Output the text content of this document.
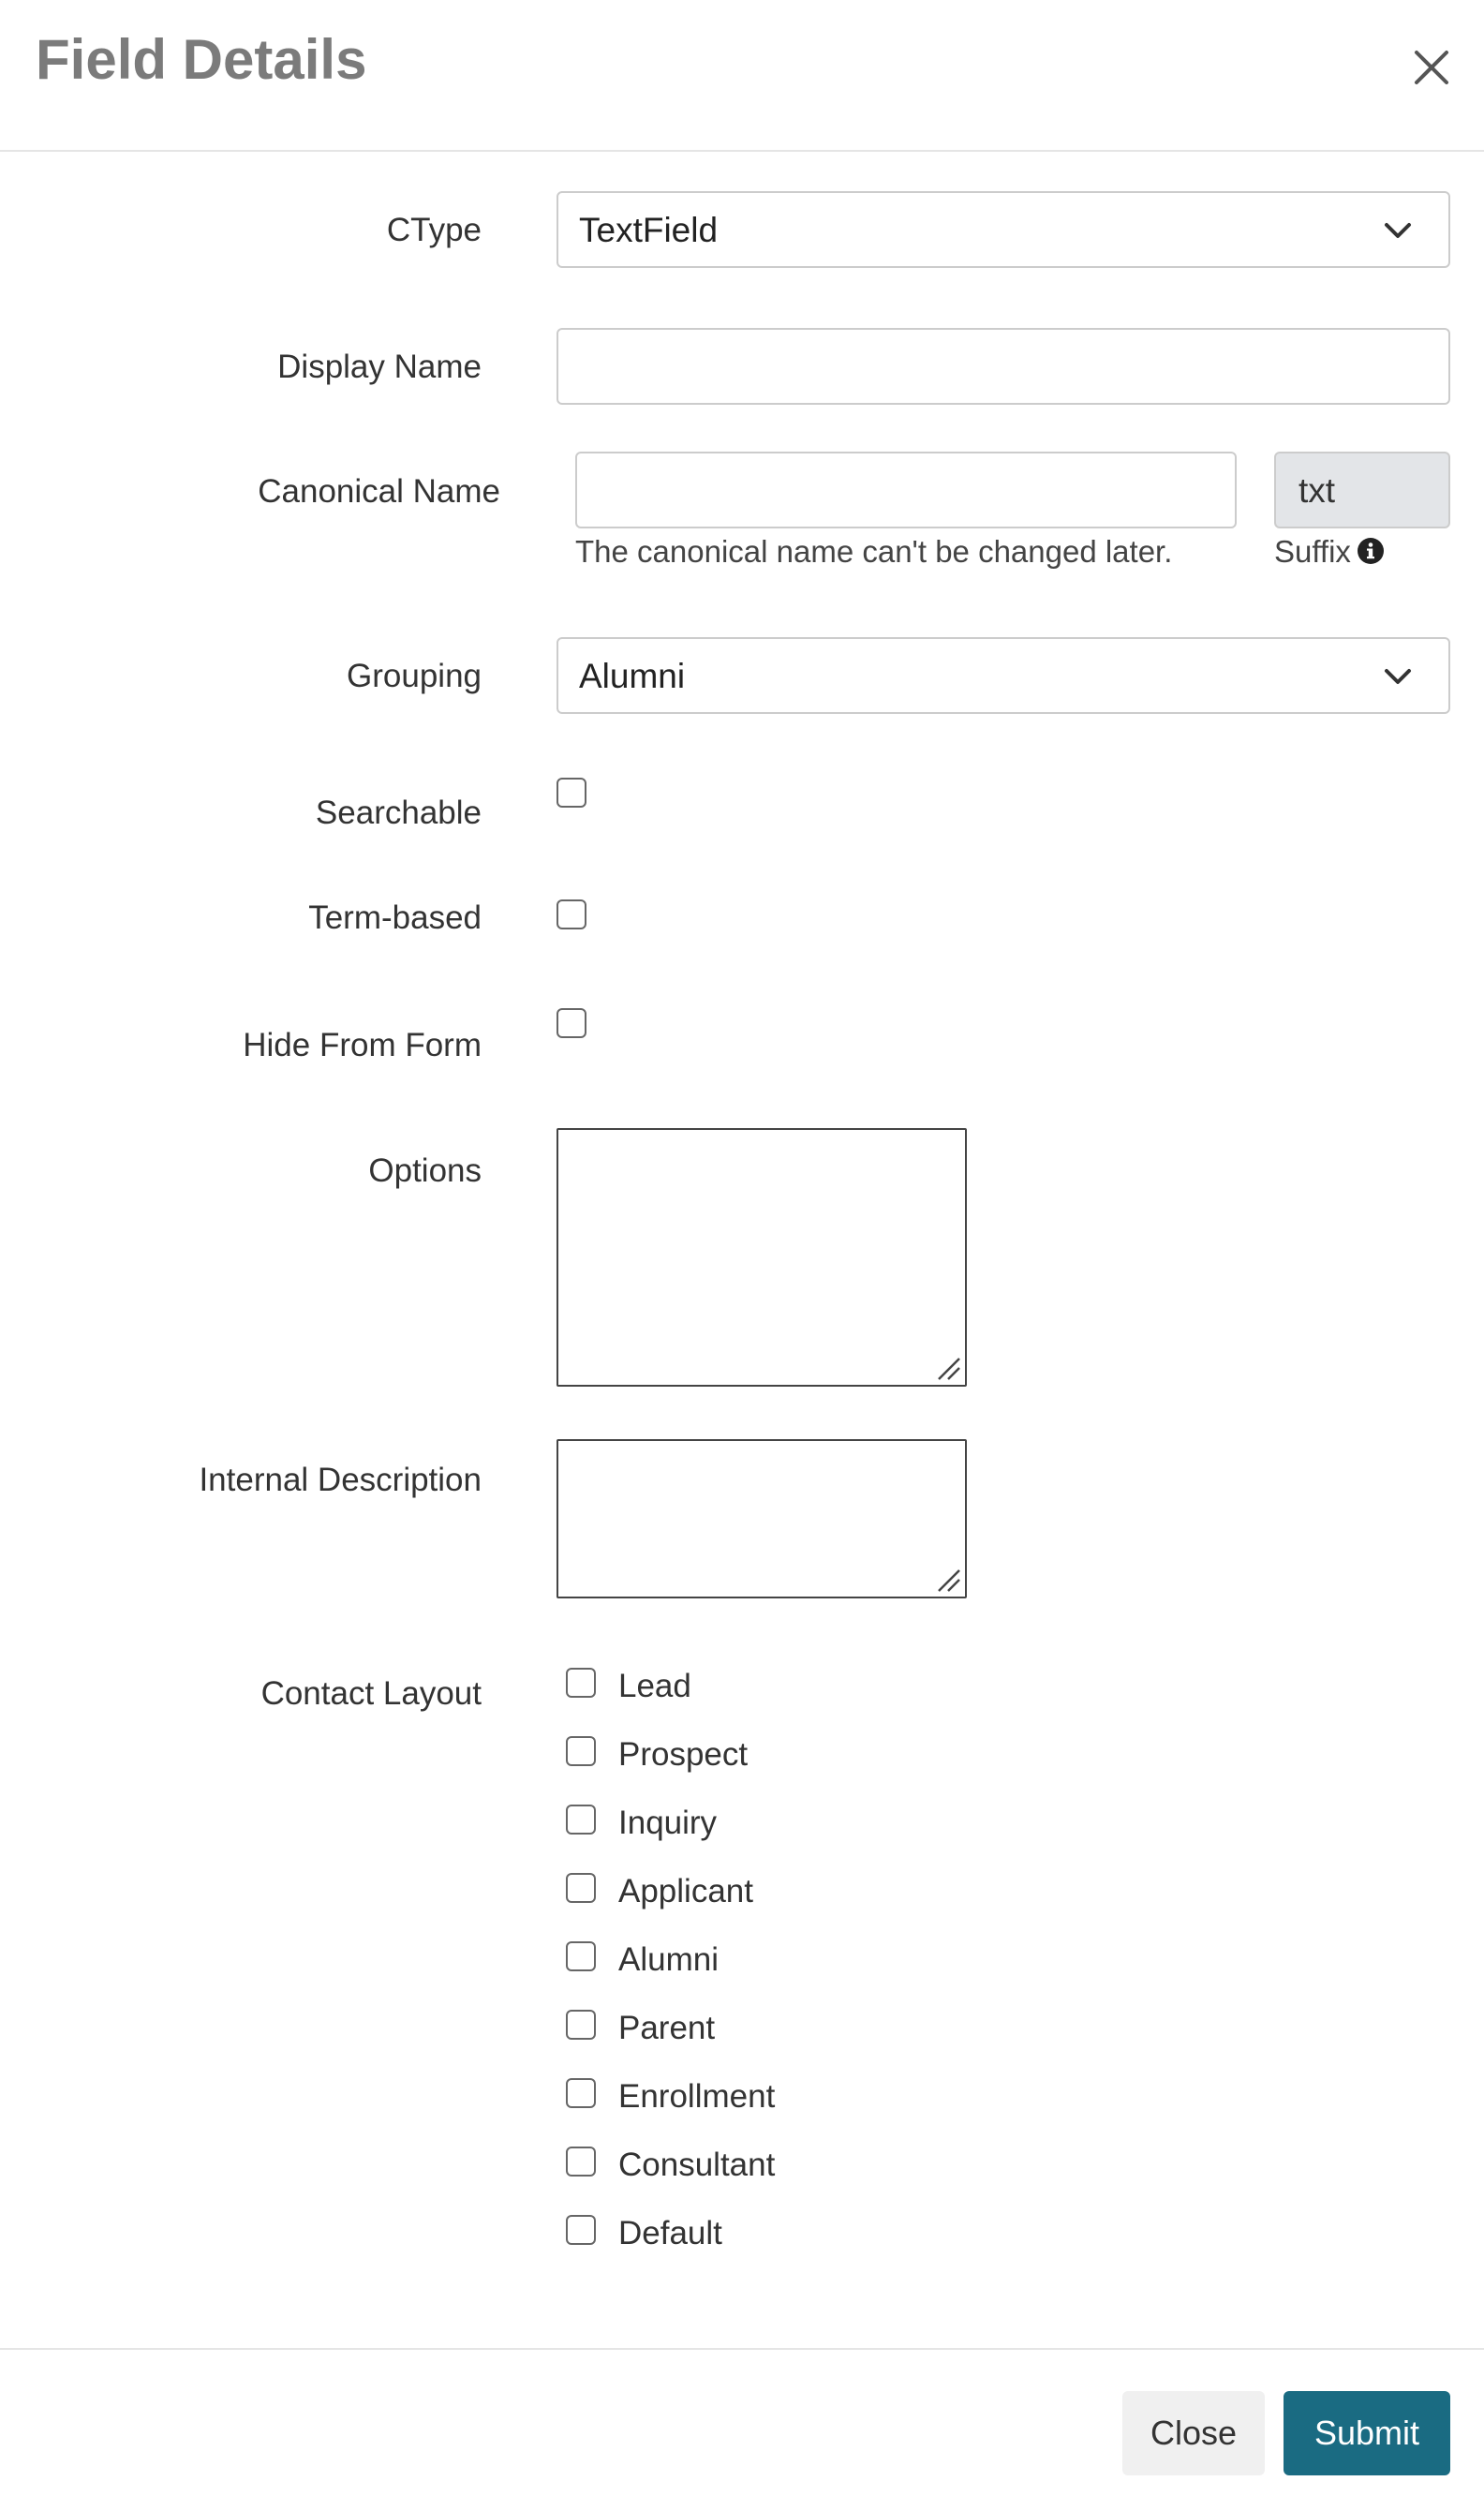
Field Details
CType	TextField
Display Name
Canonical Name	txt
The canonical name can't be changed later.	Suffix
Grouping	Alumni
Searchable
Term-based
Hide From Form
Options
Internal Description
Contact Layout	Lead
Prospect
Inquiry
Applicant
Alumni
Parent
Enrollment
Consultant
Default
Close	Submit
